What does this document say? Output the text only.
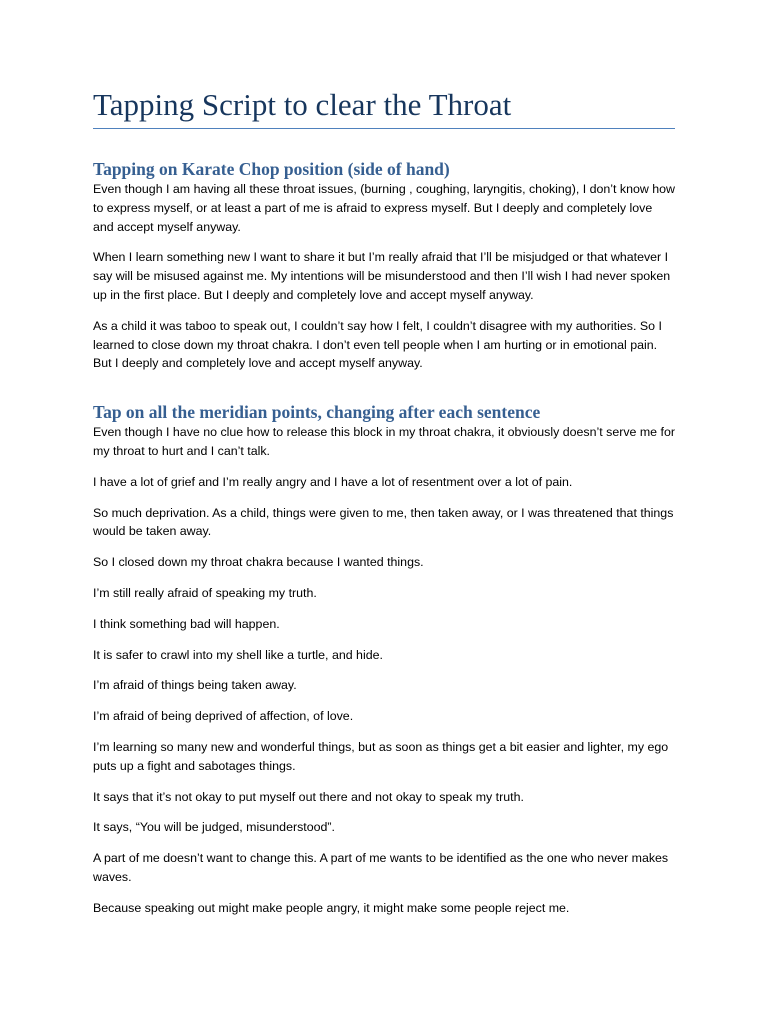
Tapping Script to clear the Throat
Tapping on Karate Chop position (side of hand)

Even though I am having all these throat issues, (burning , coughing, laryngitis, choking), I don’t know how to express myself, or at least a part of me is afraid to express myself. But I deeply and completely love and accept myself anyway.

When I learn something new I want to share it but I’m really afraid that I’ll be misjudged or that whatever I say will be misused against me. My intentions will be misunderstood and then I’ll wish I had never spoken up in the first place. But I deeply and completely love and accept myself anyway.

As a child it was taboo to speak out, I couldn’t say how I felt, I couldn’t disagree with my authorities. So I learned to close down my throat chakra. I don’t even tell people when I am hurting or in emotional pain. But I deeply and completely love and accept myself anyway.

Tap on all the meridian points, changing after each sentence

Even though I have no clue how to release this block in my throat chakra, it obviously doesn’t serve me for my throat to hurt and I can’t talk.

I have a lot of grief and I’m really angry and I have a lot of resentment over a lot of pain.

So much deprivation. As a child, things were given to me, then taken away, or I was threatened that things would be taken away.

So I closed down my throat chakra because I wanted things.

I’m still really afraid of speaking my truth.

I think something bad will happen.

It is safer to crawl into my shell like a turtle, and hide.

I’m afraid of things being taken away.

I’m afraid of being deprived of affection, of love.

I’m learning so many new and wonderful things, but as soon as things get a bit easier and lighter, my ego puts up a fight and sabotages things.

It says that it’s not okay to put myself out there and not okay to speak my truth.

It says, “You will be judged, misunderstood”.

A part of me doesn’t want to change this. A part of me wants to be identified as the one who never makes waves.

Because speaking out might make people angry, it might make some people reject me.
